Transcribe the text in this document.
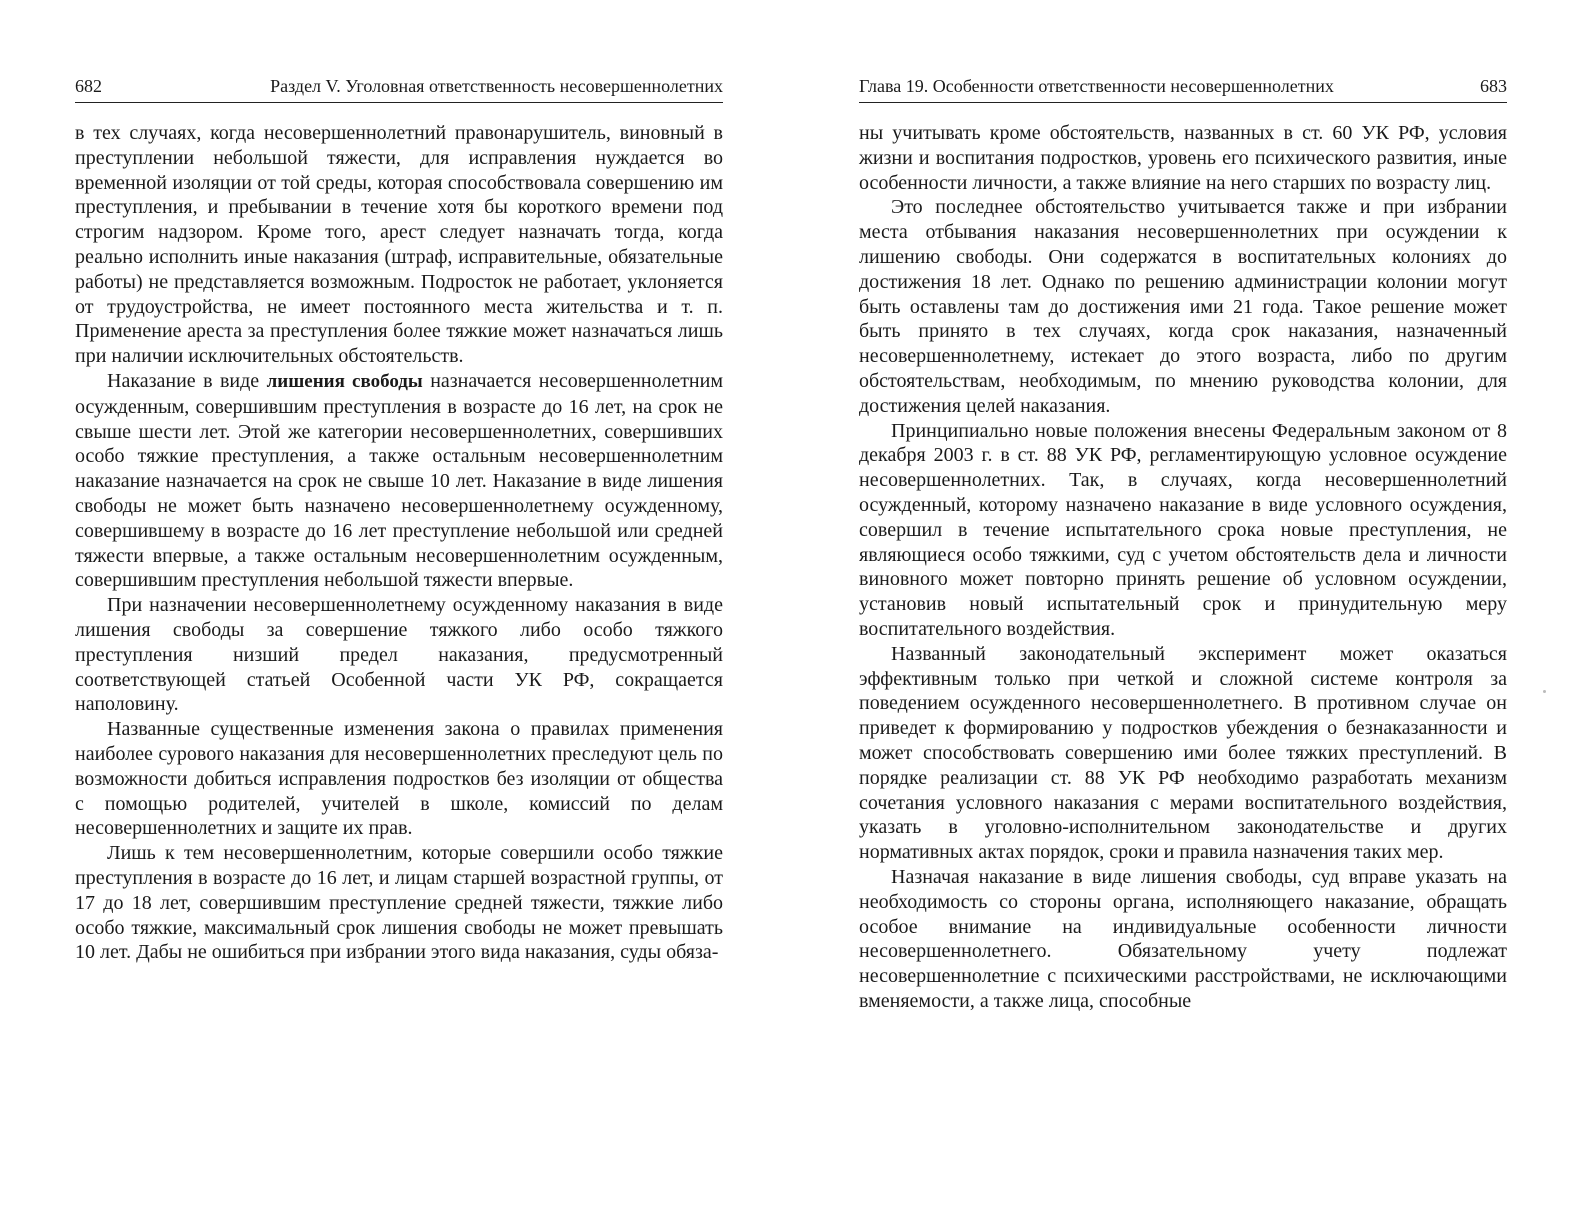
682	Раздел V. Уголовная ответственность несовершеннолетних

в тех случаях, когда несовершеннолетний правонарушитель, виновный в преступлении небольшой тяжести, для исправления нуждается во временной изоляции от той среды, которая способствовала совершению им преступления, и пребывании в течение хотя бы короткого времени под строгим надзором. Кроме того, арест следует назначать тогда, когда реально исполнить иные наказания (штраф, исправительные, обязательные работы) не представляется возможным. Подросток не работает, уклоняется от трудоустройства, не имеет постоянного места жительства и т. п. Применение ареста за преступления более тяжкие может назначаться лишь при наличии исключительных обстоятельств.

Наказание в виде лишения свободы назначается несовершеннолетним осужденным, совершившим преступления в возрасте до 16 лет, на срок не свыше шести лет. Этой же категории несовершеннолетних, совершивших особо тяжкие преступления, а также остальным несовершеннолетним наказание назначается на срок не свыше 10 лет. Наказание в виде лишения свободы не может быть назначено несовершеннолетнему осужденному, совершившему в возрасте до 16 лет преступление небольшой или средней тяжести впервые, а также остальным несовершеннолетним осужденным, совершившим преступления небольшой тяжести впервые.

При назначении несовершеннолетнему осужденному наказания в виде лишения свободы за совершение тяжкого либо особо тяжкого преступления низший предел наказания, предусмотренный соответствующей статьей Особенной части УК РФ, сокращается наполовину.

Названные существенные изменения закона о правилах применения наиболее сурового наказания для несовершеннолетних преследуют цель по возможности добиться исправления подростков без изоляции от общества с помощью родителей, учителей в школе, комиссий по делам несовершеннолетних и защите их прав.

Лишь к тем несовершеннолетним, которые совершили особо тяжкие преступления в возрасте до 16 лет, и лицам старшей возрастной группы, от 17 до 18 лет, совершившим преступление средней тяжести, тяжкие либо особо тяжкие, максимальный срок лишения свободы не может превышать 10 лет. Дабы не ошибиться при избрании этого вида наказания, суды обяза-

Глава 19. Особенности ответственности несовершеннолетних	683

ны учитывать кроме обстоятельств, названных в ст. 60 УК РФ, условия жизни и воспитания подростков, уровень его психического развития, иные особенности личности, а также влияние на него старших по возрасту лиц.

Это последнее обстоятельство учитывается также и при избрании места отбывания наказания несовершеннолетних при осуждении к лишению свободы. Они содержатся в воспитательных колониях до достижения 18 лет. Однако по решению администрации колонии могут быть оставлены там до достижения ими 21 года. Такое решение может быть принято в тех случаях, когда срок наказания, назначенный несовершеннолетнему, истекает до этого возраста, либо по другим обстоятельствам, необходимым, по мнению руководства колонии, для достижения целей наказания.

Принципиально новые положения внесены Федеральным законом от 8 декабря 2003 г. в ст. 88 УК РФ, регламентирующую условное осуждение несовершеннолетних. Так, в случаях, когда несовершеннолетний осужденный, которому назначено наказание в виде условного осуждения, совершил в течение испытательного срока новые преступления, не являющиеся особо тяжкими, суд с учетом обстоятельств дела и личности виновного может повторно принять решение об условном осуждении, установив новый испытательный срок и принудительную меру воспитательного воздействия.

Названный законодательный эксперимент может оказаться эффективным только при четкой и сложной системе контроля за поведением осужденного несовершеннолетнего. В противном случае он приведет к формированию у подростков убеждения о безнаказанности и может способствовать совершению ими более тяжких преступлений. В порядке реализации ст. 88 УК РФ необходимо разработать механизм сочетания условного наказания с мерами воспитательного воздействия, указать в уголовно-исполнительном законодательстве и других нормативных актах порядок, сроки и правила назначения таких мер.

Назначая наказание в виде лишения свободы, суд вправе указать на необходимость со стороны органа, исполняющего наказание, обращать особое внимание на индивидуальные особенности личности несовершеннолетнего. Обязательному учету подлежат несовершеннолетние с психическими расстройствами, не исключающими вменяемости, а также лица, способные
